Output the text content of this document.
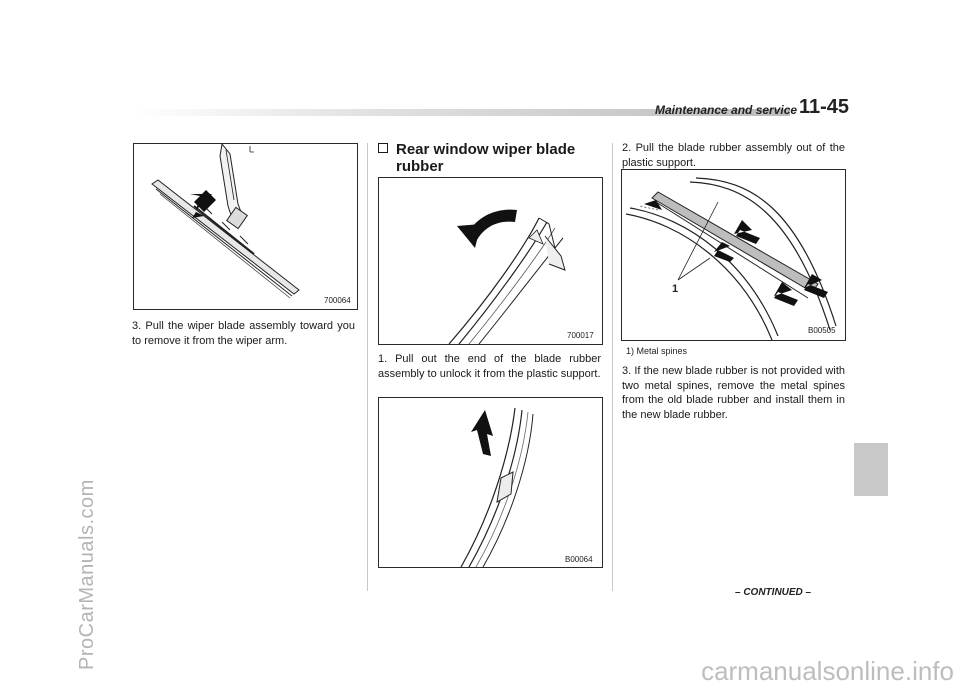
ProCarManuals.com
carmanualsonline.info
Maintenance and service 11-45
700064
3. Pull the wiper blade assembly toward you to remove it from the wiper arm.
Rear window wiper blade rubber
700017
1. Pull out the end of the blade rubber assembly to unlock it from the plastic support.
B00064
2. Pull the blade rubber assembly out of the plastic support.
1
B00505
1) Metal spines
3. If the new blade rubber is not provided with two metal spines, remove the metal spines from the old blade rubber and install them in the new blade rubber.
– CONTINUED –
